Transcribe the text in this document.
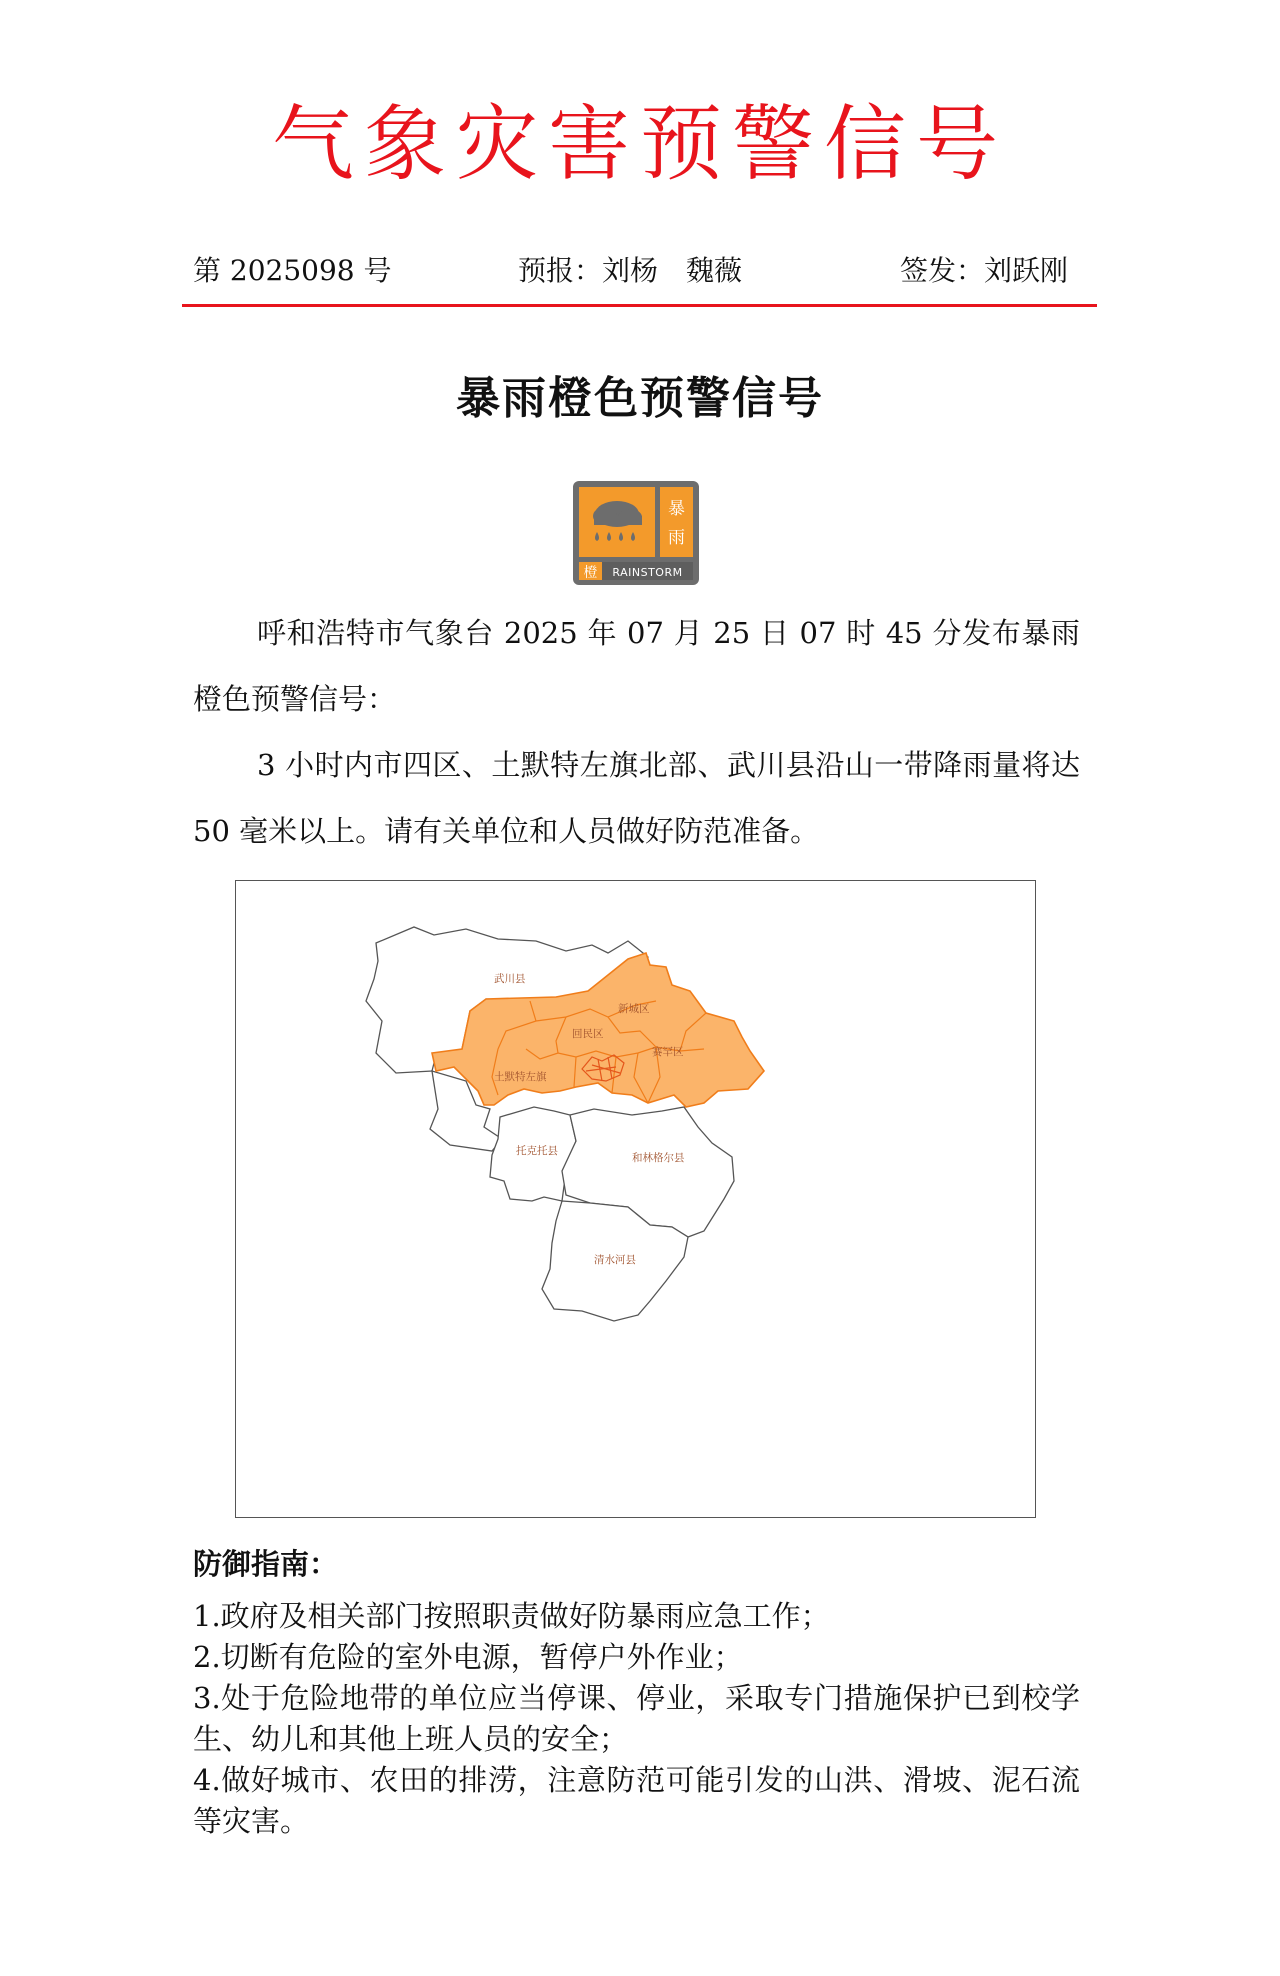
气象灾害预警信号
第 2025098 号	预报：刘杨　魏薇	签发：刘跃刚
暴雨橙色预警信号
暴
雨
橙 RAINSTORM
呼和浩特市气象台 2025 年 07 月 25 日 07 时 45 分发布暴雨橙色预警信号：
3 小时内市四区、土默特左旗北部、武川县沿山一带降雨量将达 50 毫米以上。请有关单位和人员做好防范准备。
武川县
新城区
回民区
赛罕区
土默特左旗
托克托县
和林格尔县
清水河县
防御指南：
1.政府及相关部门按照职责做好防暴雨应急工作；
2.切断有危险的室外电源，暂停户外作业；
3.处于危险地带的单位应当停课、停业，采取专门措施保护已到校学生、幼儿和其他上班人员的安全；
4.做好城市、农田的排涝，注意防范可能引发的山洪、滑坡、泥石流等灾害。
